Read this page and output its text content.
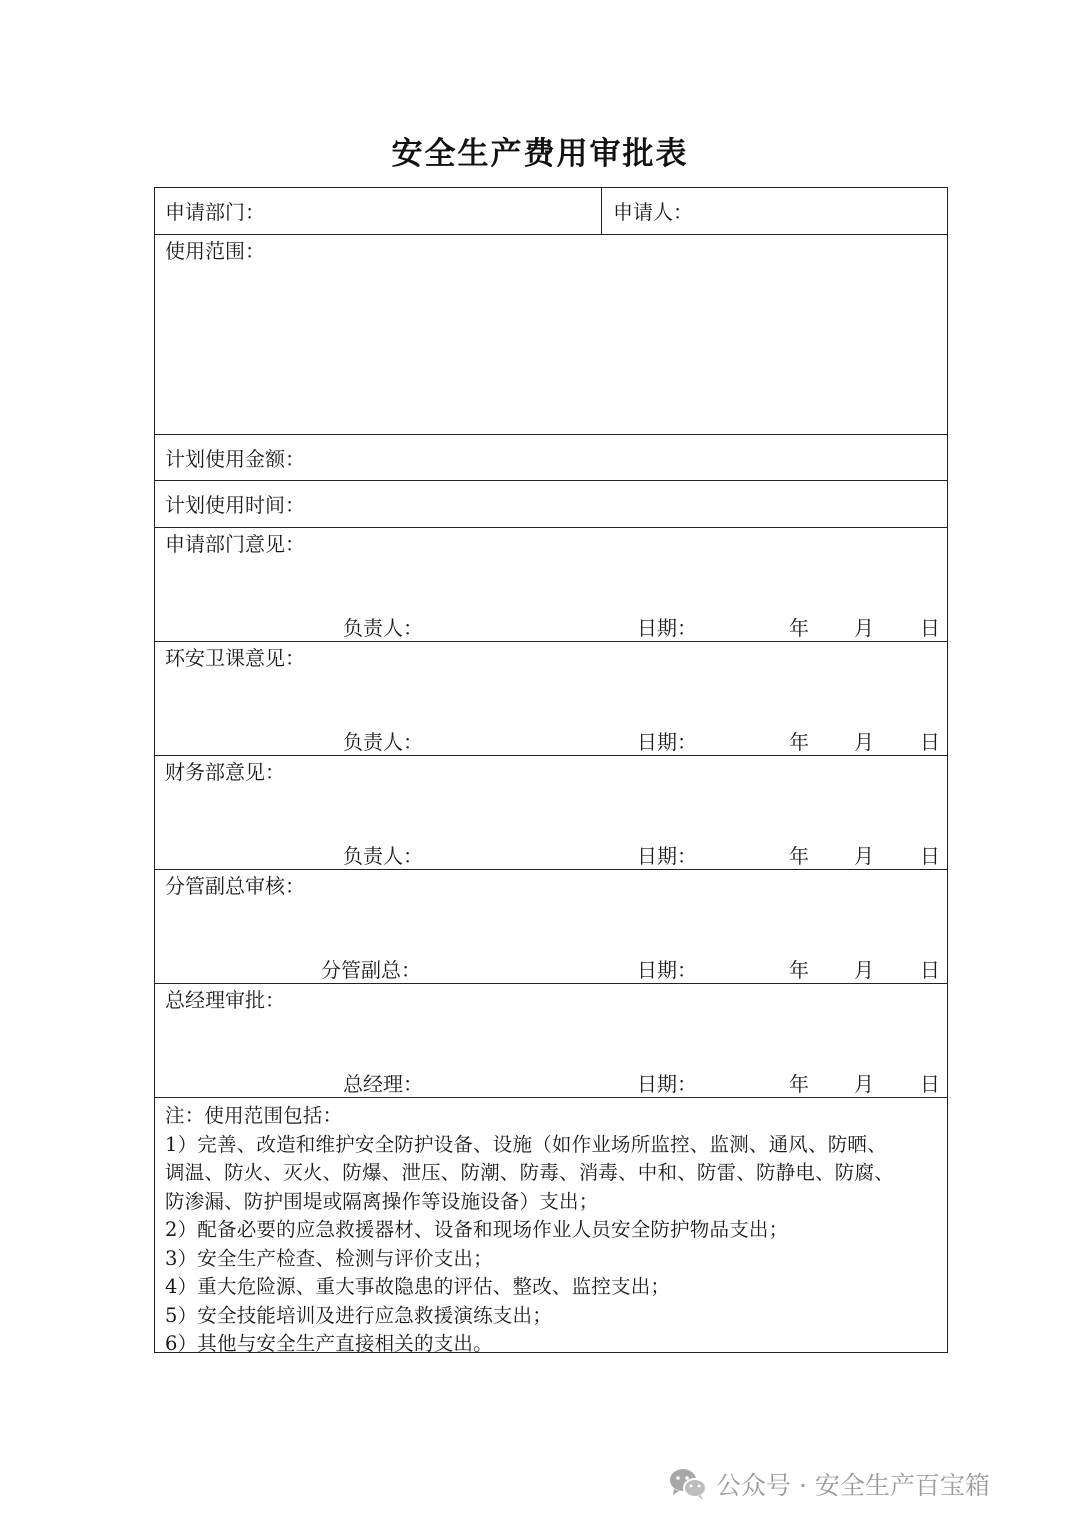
安全生产费用审批表
申请部门：	申请人：
使用范围：
计划使用金额：
计划使用时间：
申请部门意见：
负责人：	日期：	年 月 日
环安卫课意见：
负责人：	日期：	年 月 日
财务部意见：
负责人：	日期：	年 月 日
分管副总审核：
分管副总：	日期：	年 月 日
总经理审批：
总经理：	日期：	年 月 日
注：使用范围包括：
1）完善、改造和维护安全防护设备、设施（如作业场所监控、监测、通风、防晒、
调温、防火、灭火、防爆、泄压、防潮、防毒、消毒、中和、防雷、防静电、防腐、
防渗漏、防护围堤或隔离操作等设施设备）支出；
2）配备必要的应急救援器材、设备和现场作业人员安全防护物品支出；
3）安全生产检查、检测与评价支出；
4）重大危险源、重大事故隐患的评估、整改、监控支出；
5）安全技能培训及进行应急救援演练支出；
6）其他与安全生产直接相关的支出。
公众号 · 安全生产百宝箱
